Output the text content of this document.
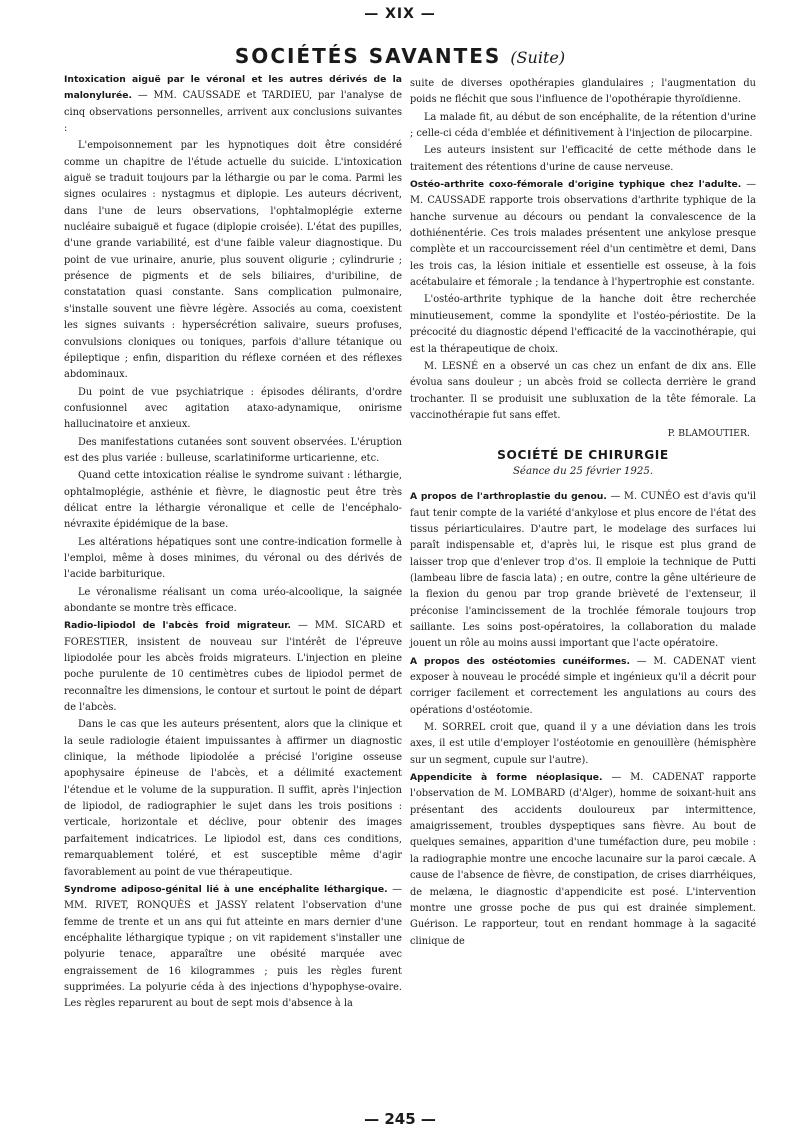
— XIX —
SOCIÉTÉS SAVANTES (Suite)

Intoxication aiguë par le véronal et les autres dérivés de la malonylurée. — MM. CAUSSADE et TARDIEU, par l'analyse de cinq observations personnelles, arrivent aux conclusions suivantes :

L'empoisonnement par les hypnotiques doit être considéré comme un chapitre de l'étude actuelle du suicide. L'intoxication aiguë se traduit toujours par la léthargie ou par le coma. Parmi les signes oculaires : nystagmus et diplopie. Les auteurs décrivent, dans l'une de leurs observations, l'ophtalmoplégie externe nucléaire subaiguë et fugace (diplopie croisée). L'état des pupilles, d'une grande variabilité, est d'une faible valeur diagnostique. Du point de vue urinaire, anurie, plus souvent oligurie ; cylindrurie ; présence de pigments et de sels biliaires, d'uribiline, de constatation quasi constante. Sans complication pulmonaire, s'installe souvent une fièvre légère. Associés au coma, coexistent les signes suivants : hypersécrétion salivaire, sueurs profuses, convulsions cloniques ou toniques, parfois d'allure tétanique ou épileptique ; enfin, disparition du réflexe cornéen et des réflexes abdominaux.

Du point de vue psychiatrique : épisodes délirants, d'ordre confusionnel avec agitation ataxo-adynamique, onirisme hallucinatoire et anxieux.

Des manifestations cutanées sont souvent observées. L'éruption est des plus variée : bulleuse, scarlatiniforme urticarienne, etc.

Quand cette intoxication réalise le syndrome suivant : léthargie, ophtalmoplégie, asthénie et fièvre, le diagnostic peut être très délicat entre la léthargie véronalique et celle de l'encéphalo-névraxite épidémique de la base.

Les altérations hépatiques sont une contre-indication formelle à l'emploi, même à doses minimes, du véronal ou des dérivés de l'acide barbiturique.

Le véronalisme réalisant un coma uréo-alcoolique, la saignée abondante se montre très efficace.

Radio-lipiodol de l'abcès froid migrateur. — MM. SICARD et FORESTIER, insistent de nouveau sur l'intérêt de l'épreuve lipiodolée pour les abcès froids migrateurs. L'injection en pleine poche purulente de 10 centimètres cubes de lipiodol permet de reconnaître les dimensions, le contour et surtout le point de départ de l'abcès.

Dans le cas que les auteurs présentent, alors que la clinique et la seule radiologie étaient impuissantes à affirmer un diagnostic clinique, la méthode lipiodolée a précisé l'origine osseuse apophysaire épineuse de l'abcès, et a délimité exactement l'étendue et le volume de la suppuration. Il suffit, après l'injection de lipiodol, de radiographier le sujet dans les trois positions : verticale, horizontale et déclive, pour obtenir des images parfaitement indicatrices. Le lipiodol est, dans ces conditions, remarquablement toléré, et est susceptible même d'agir favorablement au point de vue thérapeutique.

Syndrome adiposo-génital lié à une encéphalite léthargique. — MM. RIVET, RONQUÈS et JASSY relatent l'observation d'une femme de trente et un ans qui fut atteinte en mars dernier d'une encéphalite léthargique typique ; on vit rapidement s'installer une polyurie tenace, apparaître une obésité marquée avec engraissement de 16 kilogrammes ; puis les règles furent supprimées. La polyurie céda à des injections d'hypophyse-ovaire. Les règles reparurent au bout de sept mois d'absence à la

suite de diverses opothérapies glandulaires ; l'augmentation du poids ne fléchit que sous l'influence de l'opothérapie thyroïdienne.

La malade fit, au début de son encéphalite, de la rétention d'urine ; celle-ci céda d'emblée et définitivement à l'injection de pilocarpine.

Les auteurs insistent sur l'efficacité de cette méthode dans le traitement des rétentions d'urine de cause nerveuse.

Ostéo-arthrite coxo-fémorale d'origine typhique chez l'adulte. — M. CAUSSADE rapporte trois observations d'arthrite typhique de la hanche survenue au décours ou pendant la convalescence de la dothiénentérie. Ces trois malades présentent une ankylose presque complète et un raccourcissement réel d'un centimètre et demi, Dans les trois cas, la lésion initiale et essentielle est osseuse, à la fois acétabulaire et fémorale ; la tendance à l'hypertrophie est constante.

L'ostéo-arthrite typhique de la hanche doit être recherchée minutieusement, comme la spondylite et l'ostéo-périostite. De la précocité du diagnostic dépend l'efficacité de la vaccinothérapie, qui est la thérapeutique de choix.

M. LESNÉ en a observé un cas chez un enfant de dix ans. Elle évolua sans douleur ; un abcès froid se collecta derrière le grand trochanter. Il se produisit une subluxation de la tête fémorale. La vaccinothérapie fut sans effet.

P. BLAMOUTIER.
SOCIÉTÉ DE CHIRURGIE
Séance du 25 février 1925.

A propos de l'arthroplastie du genou. — M. CUNÉO est d'avis qu'il faut tenir compte de la variété d'ankylose et plus encore de l'état des tissus périarticulaires. D'autre part, le modelage des surfaces lui paraît indispensable et, d'après lui, le risque est plus grand de laisser trop que d'enlever trop d'os. Il emploie la technique de Putti (lambeau libre de fascia lata) ; en outre, contre la gêne ultérieure de la flexion du genou par trop grande brièveté de l'extenseur, il préconise l'amincissement de la trochlée fémorale toujours trop saillante. Les soins post-opératoires, la collaboration du malade jouent un rôle au moins aussi important que l'acte opératoire.

A propos des ostéotomies cunéiformes. — M. CADENAT vient exposer à nouveau le procédé simple et ingénieux qu'il a décrit pour corriger facilement et correctement les angulations au cours des opérations d'ostéotomie.

M. SORREL croit que, quand il y a une déviation dans les trois axes, il est utile d'employer l'ostéotomie en genouillère (hémisphère sur un segment, cupule sur l'autre).

Appendicite à forme néoplasique. — M. CADENAT rapporte l'observation de M. LOMBARD (d'Alger), homme de soixant-huit ans présentant des accidents douloureux par intermittence, amaigrissement, troubles dyspeptiques sans fièvre. Au bout de quelques semaines, apparition d'une tuméfaction dure, peu mobile : la radiographie montre une encoche lacunaire sur la paroi cæcale. A cause de l'absence de fièvre, de constipation, de crises diarrhéiques, de melæna, le diagnostic d'appendicite est posé. L'intervention montre une grosse poche de pus qui est drainée simplement. Guérison. Le rapporteur, tout en rendant hommage à la sagacité clinique de

— 245 —
